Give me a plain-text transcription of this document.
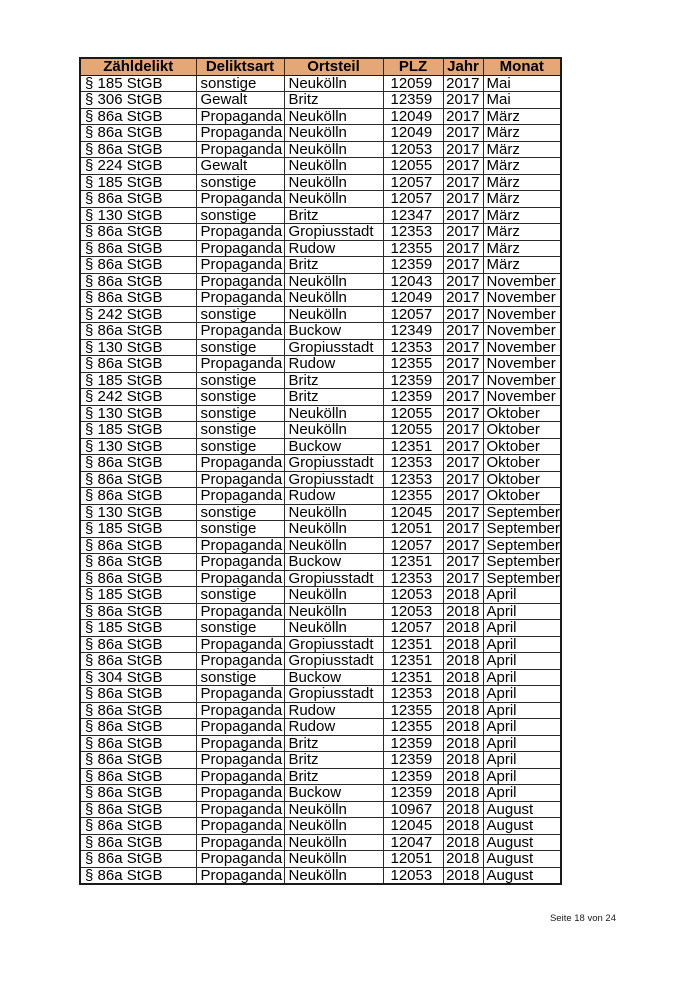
Zähldelikt	Deliktsart	Ortsteil	PLZ	Jahr	Monat
§ 185 StGB	sonstige	Neukölln	12059	2017	Mai
§ 306 StGB	Gewalt	Britz	12359	2017	Mai
§ 86a StGB	Propaganda	Neukölln	12049	2017	März
§ 86a StGB	Propaganda	Neukölln	12049	2017	März
§ 86a StGB	Propaganda	Neukölln	12053	2017	März
§ 224 StGB	Gewalt	Neukölln	12055	2017	März
§ 185 StGB	sonstige	Neukölln	12057	2017	März
§ 86a StGB	Propaganda	Neukölln	12057	2017	März
§ 130 StGB	sonstige	Britz	12347	2017	März
§ 86a StGB	Propaganda	Gropiusstadt	12353	2017	März
§ 86a StGB	Propaganda	Rudow	12355	2017	März
§ 86a StGB	Propaganda	Britz	12359	2017	März
§ 86a StGB	Propaganda	Neukölln	12043	2017	November
§ 86a StGB	Propaganda	Neukölln	12049	2017	November
§ 242 StGB	sonstige	Neukölln	12057	2017	November
§ 86a StGB	Propaganda	Buckow	12349	2017	November
§ 130 StGB	sonstige	Gropiusstadt	12353	2017	November
§ 86a StGB	Propaganda	Rudow	12355	2017	November
§ 185 StGB	sonstige	Britz	12359	2017	November
§ 242 StGB	sonstige	Britz	12359	2017	November
§ 130 StGB	sonstige	Neukölln	12055	2017	Oktober
§ 185 StGB	sonstige	Neukölln	12055	2017	Oktober
§ 130 StGB	sonstige	Buckow	12351	2017	Oktober
§ 86a StGB	Propaganda	Gropiusstadt	12353	2017	Oktober
§ 86a StGB	Propaganda	Gropiusstadt	12353	2017	Oktober
§ 86a StGB	Propaganda	Rudow	12355	2017	Oktober
§ 130 StGB	sonstige	Neukölln	12045	2017	September
§ 185 StGB	sonstige	Neukölln	12051	2017	September
§ 86a StGB	Propaganda	Neukölln	12057	2017	September
§ 86a StGB	Propaganda	Buckow	12351	2017	September
§ 86a StGB	Propaganda	Gropiusstadt	12353	2017	September
§ 185 StGB	sonstige	Neukölln	12053	2018	April
§ 86a StGB	Propaganda	Neukölln	12053	2018	April
§ 185 StGB	sonstige	Neukölln	12057	2018	April
§ 86a StGB	Propaganda	Gropiusstadt	12351	2018	April
§ 86a StGB	Propaganda	Gropiusstadt	12351	2018	April
§ 304 StGB	sonstige	Buckow	12351	2018	April
§ 86a StGB	Propaganda	Gropiusstadt	12353	2018	April
§ 86a StGB	Propaganda	Rudow	12355	2018	April
§ 86a StGB	Propaganda	Rudow	12355	2018	April
§ 86a StGB	Propaganda	Britz	12359	2018	April
§ 86a StGB	Propaganda	Britz	12359	2018	April
§ 86a StGB	Propaganda	Britz	12359	2018	April
§ 86a StGB	Propaganda	Buckow	12359	2018	April
§ 86a StGB	Propaganda	Neukölln	10967	2018	August
§ 86a StGB	Propaganda	Neukölln	12045	2018	August
§ 86a StGB	Propaganda	Neukölln	12047	2018	August
§ 86a StGB	Propaganda	Neukölln	12051	2018	August
§ 86a StGB	Propaganda	Neukölln	12053	2018	August
Seite 18 von 24
